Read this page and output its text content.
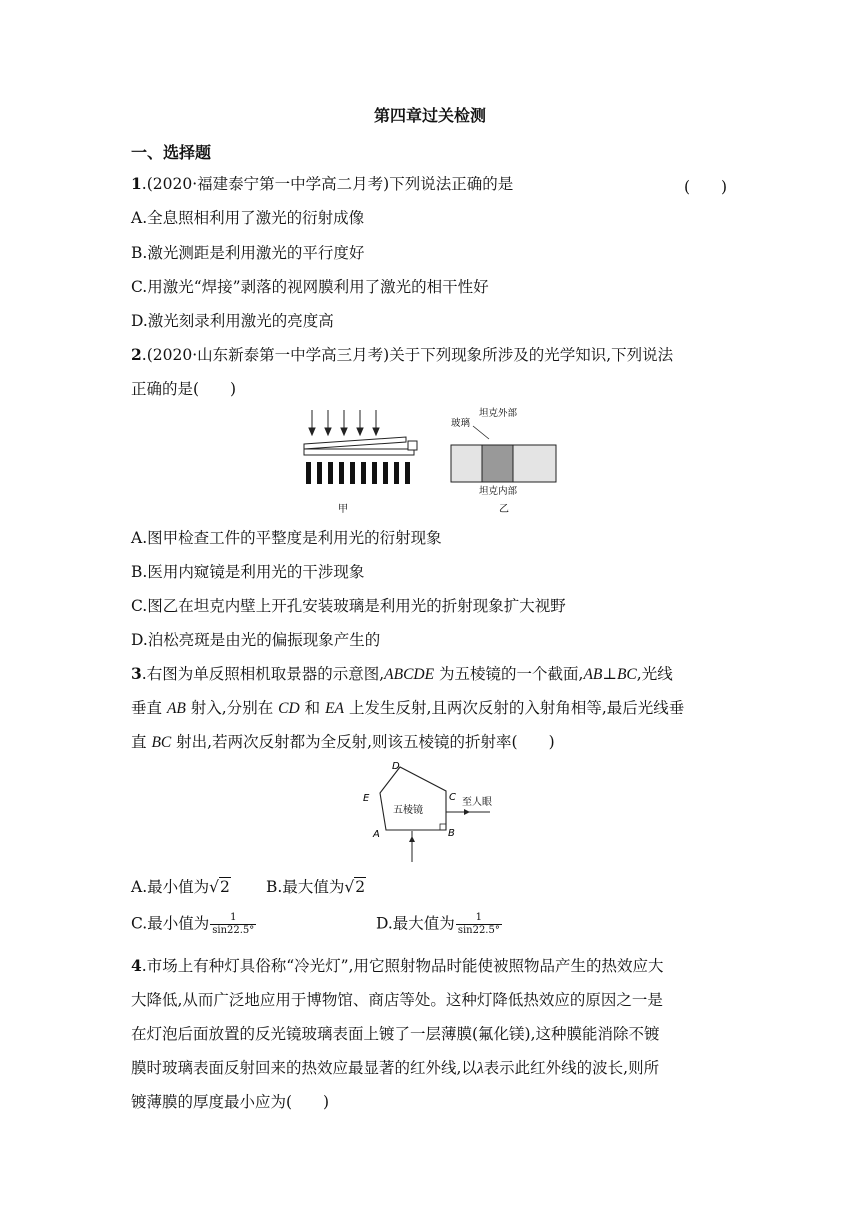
第四章过关检测
一、选择题
1.(2020·福建泰宁第一中学高二月考)下列说法正确的是	(　　)
A.全息照相利用了激光的衍射成像
B.激光测距是利用激光的平行度好
C.用激光“焊接”剥落的视网膜利用了激光的相干性好
D.激光刻录利用激光的亮度高
2.(2020·山东新泰第一中学高三月考)关于下列现象所涉及的光学知识,下列说法
正确的是(　　)
甲
玻璃
坦克外部
坦克内部
乙
A.图甲检查工件的平整度是利用光的衍射现象
B.医用内窥镜是利用光的干涉现象
C.图乙在坦克内壁上开孔安装玻璃是利用光的折射现象扩大视野
D.泊松亮斑是由光的偏振现象产生的
3.右图为单反照相机取景器的示意图,ABCDE 为五棱镜的一个截面,AB⊥BC,光线
垂直 AB 射入,分别在 CD 和 EA 上发生反射,且两次反射的入射角相等,最后光线垂
直 BC 射出,若两次反射都为全反射,则该五棱镜的折射率(　　)
五棱镜
至人眼
A	B
C
D
E
A.最小值为√2 B.最大值为√2
C.最小值为 $\frac{1}{\sin 22.5^\circ}$	D.最大值为 $\frac{1}{\sin 22.5^\circ}$
4.市场上有种灯具俗称“冷光灯”,用它照射物品时能使被照物品产生的热效应大
大降低,从而广泛地应用于博物馆、商店等处。这种灯降低热效应的原因之一是
在灯泡后面放置的反光镜玻璃表面上镀了一层薄膜(氟化镁),这种膜能消除不镀
膜时玻璃表面反射回来的热效应最显著的红外线,以λ表示此红外线的波长,则所
镀薄膜的厚度最小应为(　　)
